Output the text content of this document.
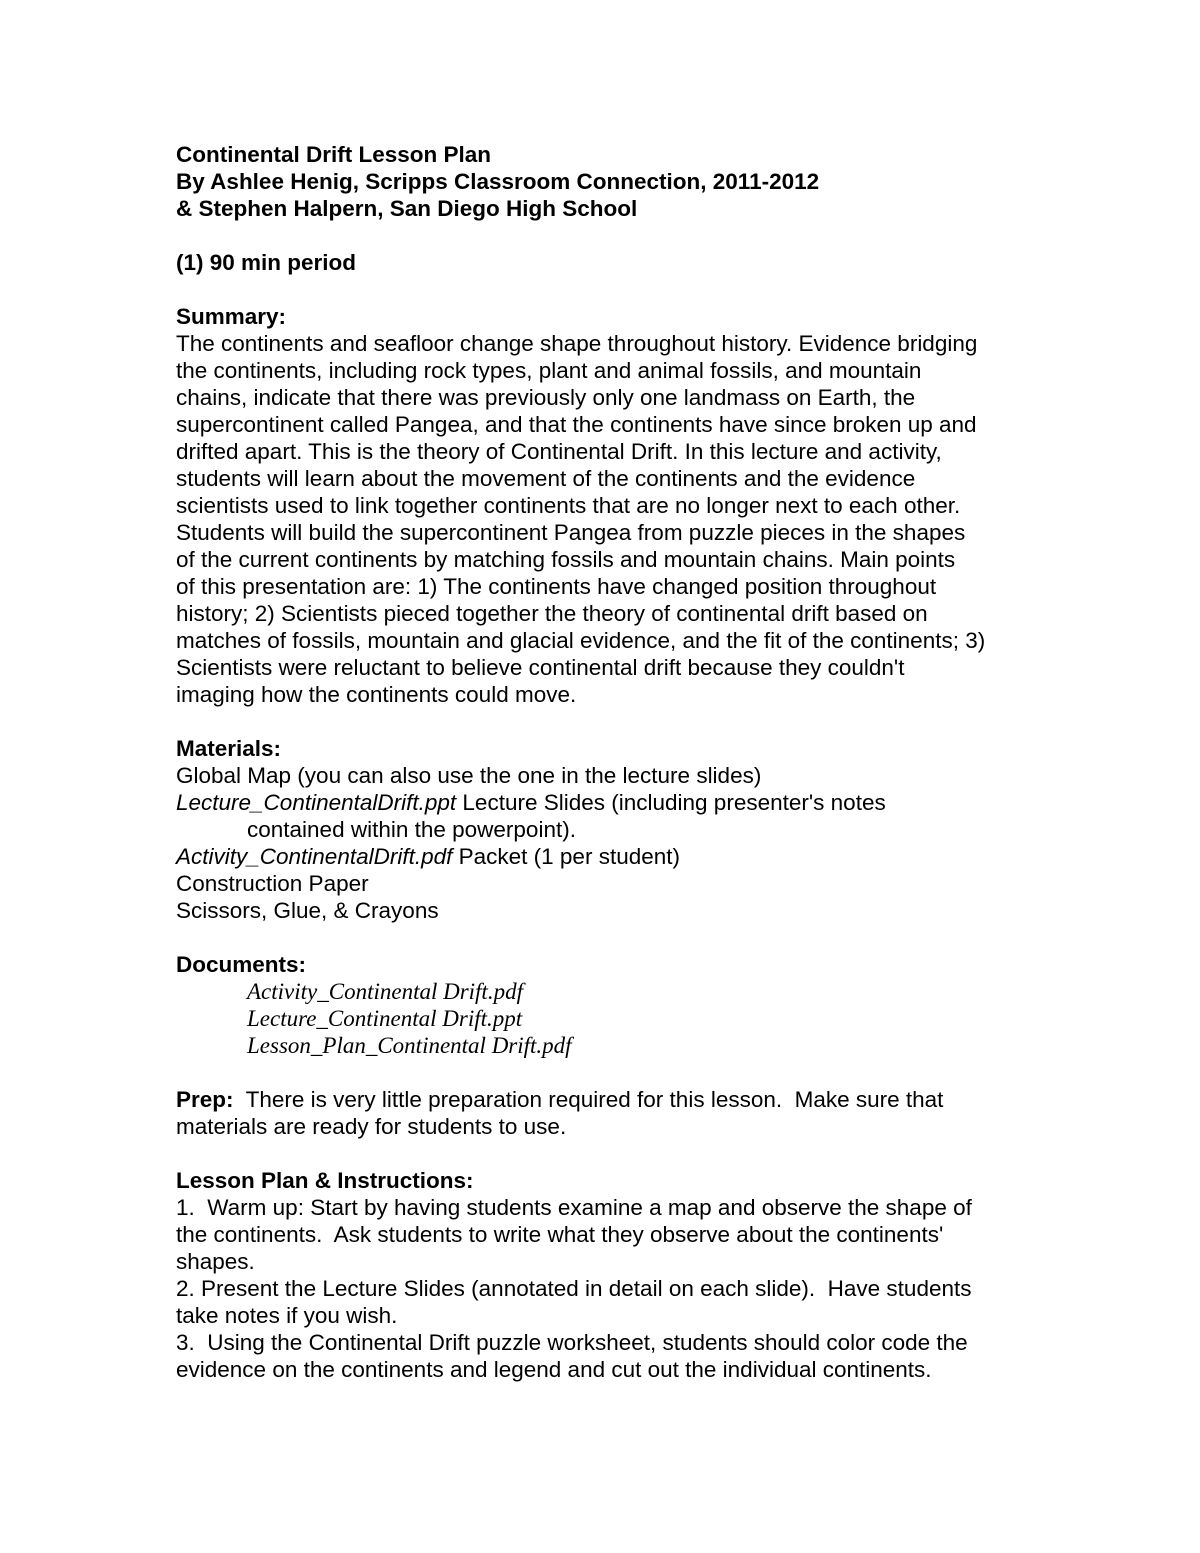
Continental Drift Lesson Plan
By Ashlee Henig, Scripps Classroom Connection, 2011-2012
& Stephen Halpern, San Diego High School
(1) 90 min period
Summary:
The continents and seafloor change shape throughout history. Evidence bridging
the continents, including rock types, plant and animal fossils, and mountain
chains, indicate that there was previously only one landmass on Earth, the
supercontinent called Pangea, and that the continents have since broken up and
drifted apart. This is the theory of Continental Drift. In this lecture and activity,
students will learn about the movement of the continents and the evidence
scientists used to link together continents that are no longer next to each other.
Students will build the supercontinent Pangea from puzzle pieces in the shapes
of the current continents by matching fossils and mountain chains. Main points
of this presentation are: 1) The continents have changed position throughout
history; 2) Scientists pieced together the theory of continental drift based on
matches of fossils, mountain and glacial evidence, and the fit of the continents; 3)
Scientists were reluctant to believe continental drift because they couldn't
imaging how the continents could move.
Materials:
Global Map (you can also use the one in the lecture slides)
Lecture_ContinentalDrift.ppt Lecture Slides (including presenter's notes
contained within the powerpoint).
Activity_ContinentalDrift.pdf Packet (1 per student)
Construction Paper
Scissors, Glue, & Crayons
Documents:
Activity_Continental Drift.pdf
Lecture_Continental Drift.ppt
Lesson_Plan_Continental Drift.pdf
Prep:  There is very little preparation required for this lesson.  Make sure that
materials are ready for students to use.
Lesson Plan & Instructions:
1.  Warm up: Start by having students examine a map and observe the shape of
the continents.  Ask students to write what they observe about the continents'
shapes.
2. Present the Lecture Slides (annotated in detail on each slide).  Have students
take notes if you wish.
3.  Using the Continental Drift puzzle worksheet, students should color code the
evidence on the continents and legend and cut out the individual continents.
